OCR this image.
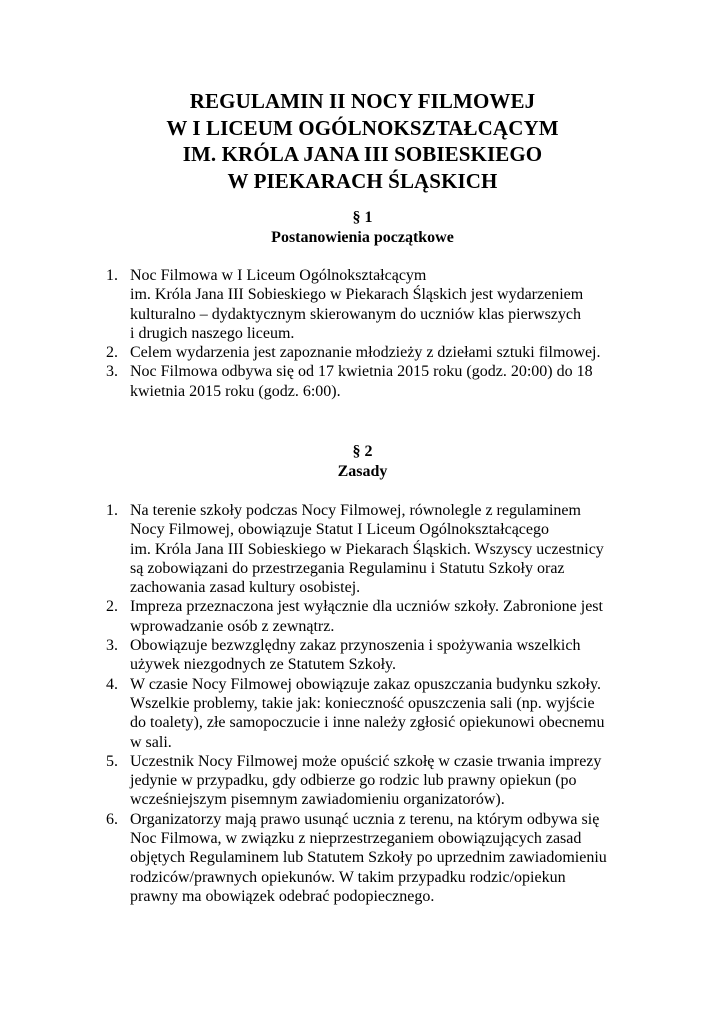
REGULAMIN II NOCY FILMOWEJ
W I LICEUM OGÓLNOKSZTAŁCĄCYM
IM. KRÓLA JANA III SOBIESKIEGO
W PIEKARACH ŚLĄSKICH
§ 1
Postanowienia początkowe
1. Noc Filmowa w I Liceum Ogólnokształcącym
im. Króla Jana III Sobieskiego w Piekarach Śląskich jest wydarzeniem
kulturalno – dydaktycznym skierowanym do uczniów klas pierwszych
i drugich naszego liceum.
2. Celem wydarzenia jest zapoznanie młodzieży z dziełami sztuki filmowej.
3. Noc Filmowa odbywa się od 17 kwietnia 2015 roku (godz. 20:00) do 18
kwietnia 2015 roku (godz. 6:00).
§ 2
Zasady
1. Na terenie szkoły podczas Nocy Filmowej, równolegle z regulaminem
Nocy Filmowej, obowiązuje Statut I Liceum Ogólnokształcącego
im. Króla Jana III Sobieskiego w Piekarach Śląskich. Wszyscy uczestnicy
są zobowiązani do przestrzegania Regulaminu i Statutu Szkoły oraz
zachowania zasad kultury osobistej.
2. Impreza przeznaczona jest wyłącznie dla uczniów szkoły. Zabronione jest
wprowadzanie osób z zewnątrz.
3. Obowiązuje bezwzględny zakaz przynoszenia i spożywania wszelkich
używek niezgodnych ze Statutem Szkoły.
4. W czasie Nocy Filmowej obowiązuje zakaz opuszczania budynku szkoły.
Wszelkie problemy, takie jak: konieczność opuszczenia sali (np. wyjście
do toalety), złe samopoczucie i inne należy zgłosić opiekunowi obecnemu
w sali.
5. Uczestnik Nocy Filmowej może opuścić szkołę w czasie trwania imprezy
jedynie w przypadku, gdy odbierze go rodzic lub prawny opiekun (po
wcześniejszym pisemnym zawiadomieniu organizatorów).
6. Organizatorzy mają prawo usunąć ucznia z terenu, na którym odbywa się
Noc Filmowa, w związku z nieprzestrzeganiem obowiązujących zasad
objętych Regulaminem lub Statutem Szkoły po uprzednim zawiadomieniu
rodziców/prawnych opiekunów. W takim przypadku rodzic/opiekun
prawny ma obowiązek odebrać podopiecznego.
